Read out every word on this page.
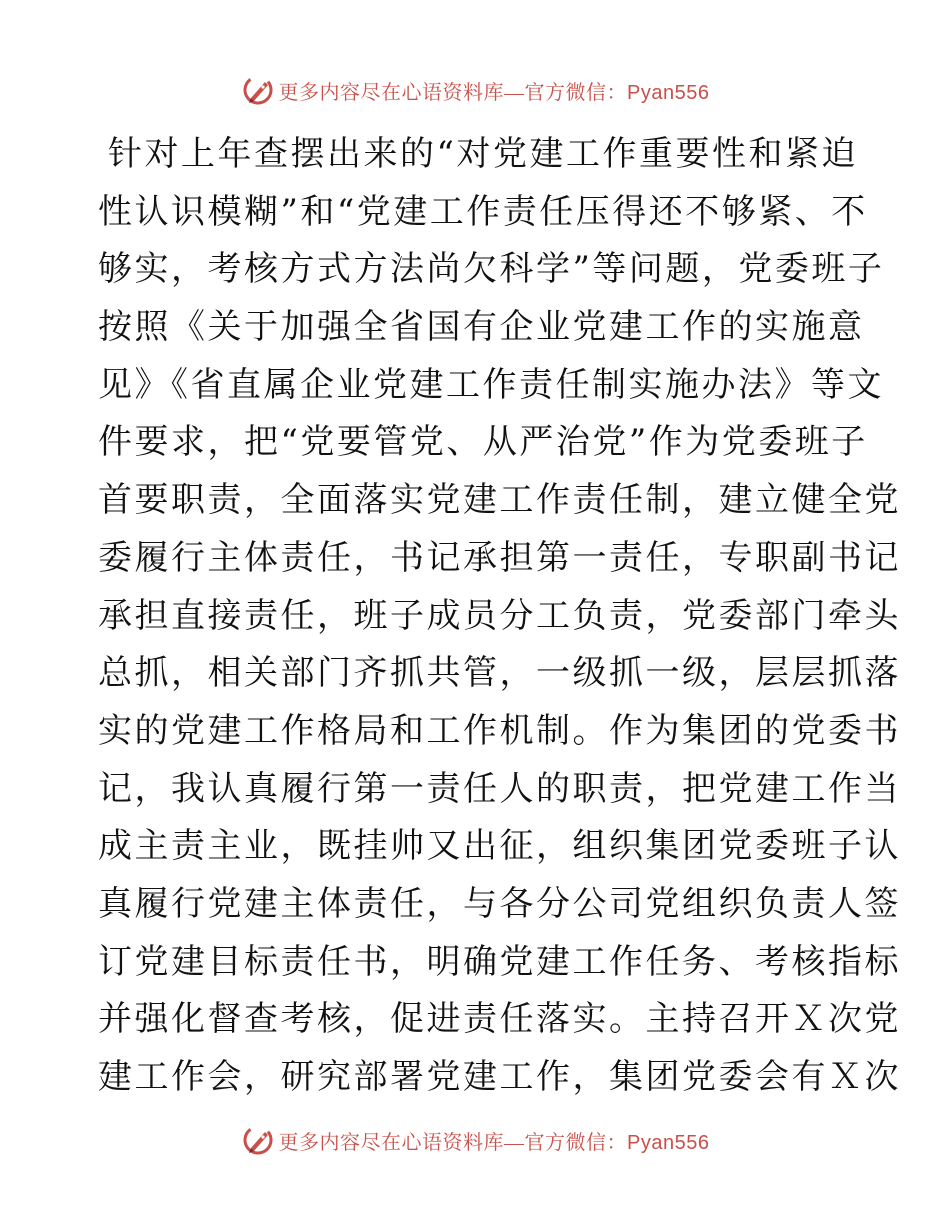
更多内容尽在心语资料库—官方微信：Pyan556
针对上年查摆出来的“对党建工作重要性和紧迫
性认识模糊”和“党建工作责任压得还不够紧、不
够实，考核方式方法尚欠科学”等问题，党委班子
按照《关于加强全省国有企业党建工作的实施意
见》《省直属企业党建工作责任制实施办法》等文
件要求，把“党要管党、从严治党”作为党委班子
首要职责，全面落实党建工作责任制，建立健全党
委履行主体责任，书记承担第一责任，专职副书记
承担直接责任，班子成员分工负责，党委部门牵头
总抓，相关部门齐抓共管，一级抓一级，层层抓落
实的党建工作格局和工作机制。作为集团的党委书
记，我认真履行第一责任人的职责，把党建工作当
成主责主业，既挂帅又出征，组织集团党委班子认
真履行党建主体责任，与各分公司党组织负责人签
订党建目标责任书，明确党建工作任务、考核指标
并强化督查考核，促进责任落实。主持召开Ｘ次党
建工作会，研究部署党建工作，集团党委会有Ｘ次
更多内容尽在心语资料库—官方微信：Pyan556
